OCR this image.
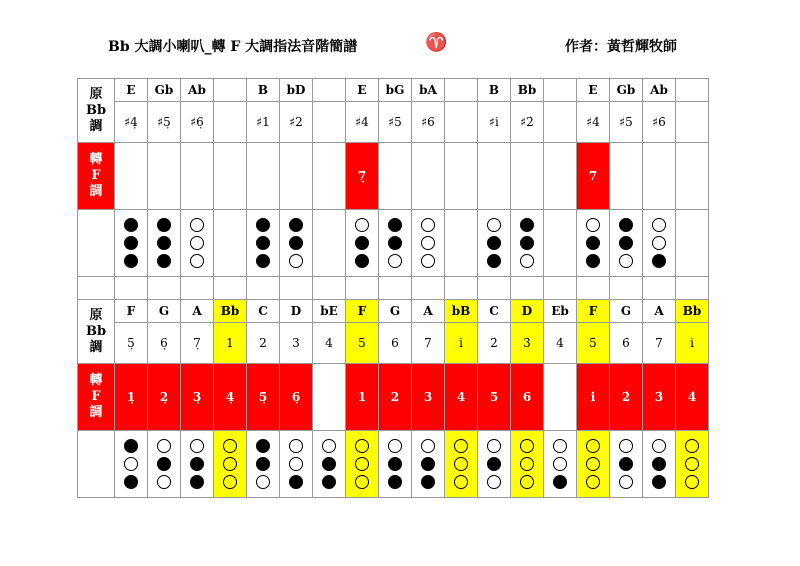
Bb 大調小喇叭_轉 F 大調指法音階簡譜	♈	作者：黃哲輝牧師
原
Bb
調	E	Gb	Ab		B	bD		E	bG	bA		B	Bb		E	Gb	Ab	
	♯4̣	♯5̣	♯6̣		♯1	♯2		♯4	♯5	♯6		♯i	♯2̇		♯4̇	♯5	♯6̇	
轉
F
調								7̣							7			

原
Bb
調	F	G	A	Bb	C	D	bE	F	G	A	bB	C	D	Eb	F	G	A	Bb
	5̣	6̣	7̣	1	2	3	4	5	6	7	i	2̇	3̇	4̇	5̇	6̇	7	i
轉
F
調	1̣	2̣	3̣	4̣	5̣	6̣		1	2	3	4	5	6		i	2̇	3̇	4̇
